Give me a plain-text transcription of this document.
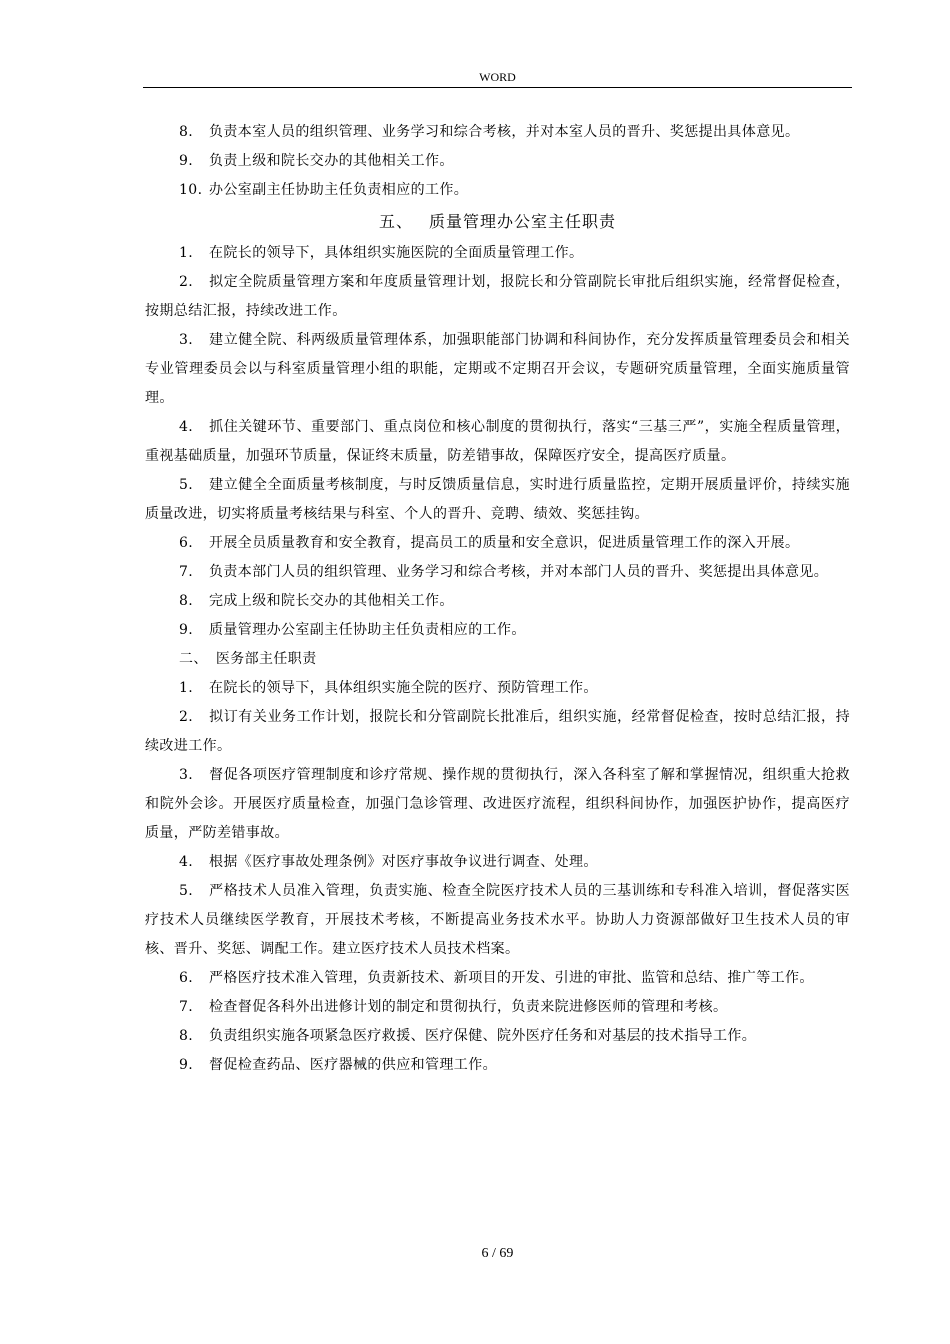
WORD

8. 负责本室人员的组织管理、业务学习和综合考核，并对本室人员的晋升、奖惩提出具体意见。

9. 负责上级和院长交办的其他相关工作。

10. 办公室副主任协助主任负责相应的工作。

五、 质量管理办公室主任职责

1. 在院长的领导下，具体组织实施医院的全面质量管理工作。

2. 拟定全院质量管理方案和年度质量管理计划，报院长和分管副院长审批后组织实施，经常督促检查，按期总结汇报，持续改进工作。

3. 建立健全院、科两级质量管理体系，加强职能部门协调和科间协作，充分发挥质量管理委员会和相关专业管理委员会以与科室质量管理小组的职能，定期或不定期召开会议，专题研究质量管理，全面实施质量管理。

4. 抓住关键环节、重要部门、重点岗位和核心制度的贯彻执行，落实“三基三严”，实施全程质量管理，重视基础质量，加强环节质量，保证终末质量，防差错事故，保障医疗安全，提高医疗质量。

5. 建立健全全面质量考核制度，与时反馈质量信息，实时进行质量监控，定期开展质量评价，持续实施质量改进，切实将质量考核结果与科室、个人的晋升、竞聘、绩效、奖惩挂钩。

6. 开展全员质量教育和安全教育，提高员工的质量和安全意识，促进质量管理工作的深入开展。

7. 负责本部门人员的组织管理、业务学习和综合考核，并对本部门人员的晋升、奖惩提出具体意见。

8. 完成上级和院长交办的其他相关工作。

9. 质量管理办公室副主任协助主任负责相应的工作。

二、 医务部主任职责

1. 在院长的领导下，具体组织实施全院的医疗、预防管理工作。

2. 拟订有关业务工作计划，报院长和分管副院长批准后，组织实施，经常督促检查，按时总结汇报，持续改进工作。

3. 督促各项医疗管理制度和诊疗常规、操作规的贯彻执行，深入各科室了解和掌握情况，组织重大抢救和院外会诊。开展医疗质量检查，加强门急诊管理、改进医疗流程，组织科间协作，加强医护协作，提高医疗质量，严防差错事故。

4. 根据《医疗事故处理条例》对医疗事故争议进行调查、处理。

5. 严格技术人员准入管理，负责实施、检查全院医疗技术人员的三基训练和专科准入培训，督促落实医疗技术人员继续医学教育，开展技术考核，不断提高业务技术水平。协助人力资源部做好卫生技术人员的审核、晋升、奖惩、调配工作。建立医疗技术人员技术档案。

6. 严格医疗技术准入管理，负责新技术、新项目的开发、引进的审批、监管和总结、推广等工作。

7. 检查督促各科外出进修计划的制定和贯彻执行，负责来院进修医师的管理和考核。

8. 负责组织实施各项紧急医疗救援、医疗保健、院外医疗任务和对基层的技术指导工作。

9. 督促检查药品、医疗器械的供应和管理工作。

6 / 69
